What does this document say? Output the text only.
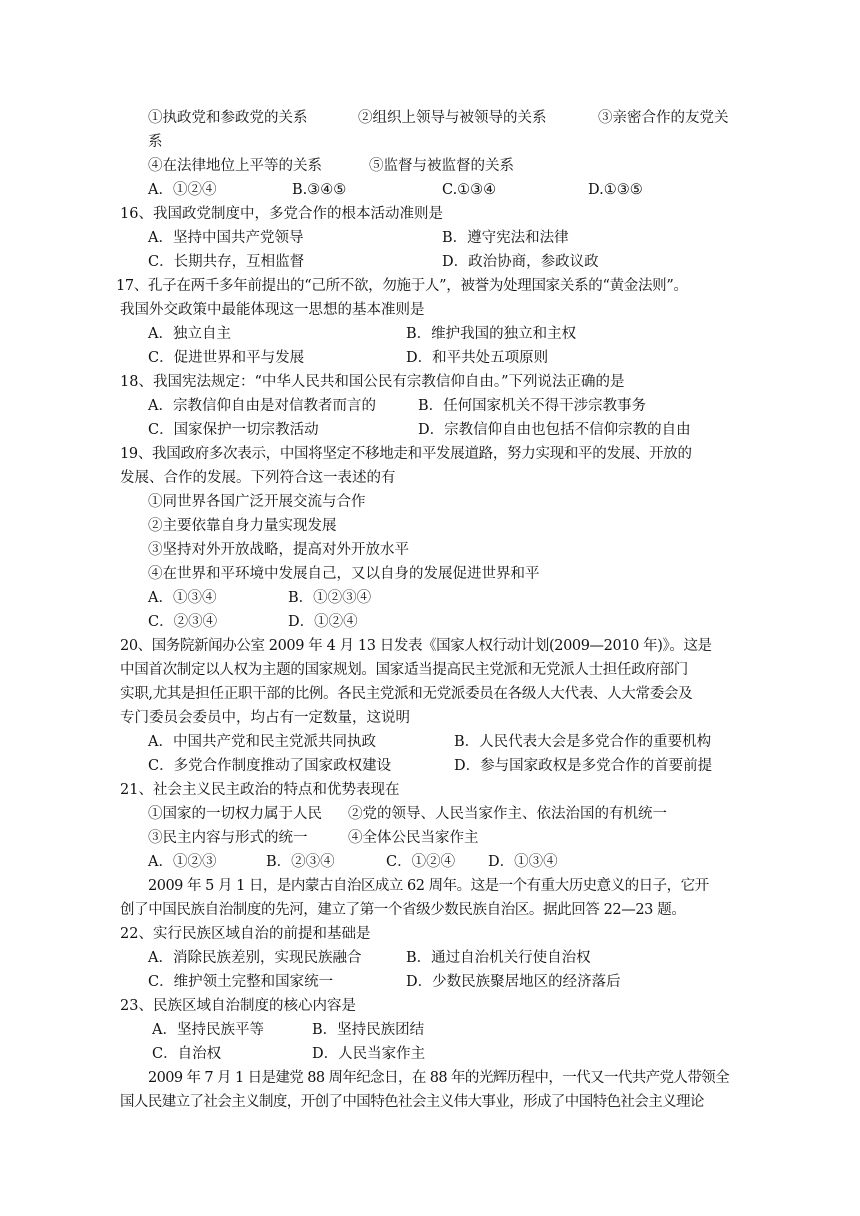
①执政党和参政党的关系	②组织上领导与被领导的关系	③亲密合作的友党关
系
④在法律地位上平等的关系	⑤监督与被监督的关系
A．①②④	B.③④⑤	C.①③④	D.①③⑤
16、我国政党制度中，多党合作的根本活动准则是
A．坚持中国共产党领导	B．遵守宪法和法律
C．长期共存，互相监督	D．政治协商，参政议政
17、孔子在两千多年前提出的“己所不欲，勿施于人”，被誉为处理国家关系的“黄金法则”。
我国外交政策中最能体现这一思想的基本准则是
A．独立自主	B．维护我国的独立和主权
C．促进世界和平与发展	D．和平共处五项原则
18、我国宪法规定：“中华人民共和国公民有宗教信仰自由。”下列说法正确的是
A．宗教信仰自由是对信教者而言的	B．任何国家机关不得干涉宗教事务
C．国家保护一切宗教活动	D．宗教信仰自由也包括不信仰宗教的自由
19、我国政府多次表示，中国将坚定不移地走和平发展道路，努力实现和平的发展、开放的
发展、合作的发展。下列符合这一表述的有
①同世界各国广泛开展交流与合作
②主要依靠自身力量实现发展
③坚持对外开放战略，提高对外开放水平
④在世界和平环境中发展自己，又以自身的发展促进世界和平
A．①③④	B．①②③④
C．②③④	D．①②④
20、国务院新闻办公室 2009 年 4 月 13 日发表《国家人权行动计划(2009—2010 年)》。这是
中国首次制定以人权为主题的国家规划。国家适当提高民主党派和无党派人士担任政府部门
实职,尤其是担任正职干部的比例。各民主党派和无党派委员在各级人大代表、人大常委会及
专门委员会委员中，均占有一定数量，这说明
A．中国共产党和民主党派共同执政	B．人民代表大会是多党合作的重要机构
C．多党合作制度推动了国家政权建设	D．参与国家政权是多党合作的首要前提
21、社会主义民主政治的特点和优势表现在
①国家的一切权力属于人民 ②党的领导、人民当家作主、依法治国的有机统一
③民主内容与形式的统一	④全体公民当家作主
A．①②③	B．②③④	C．①②④ D．①③④
2009 年 5 月 1 日，是内蒙古自治区成立 62 周年。这是一个有重大历史意义的日子，它开
创了中国民族自治制度的先河，建立了第一个省级少数民族自治区。据此回答 22—23 题。
22、实行民族区域自治的前提和基础是
A．消除民族差别，实现民族融合	B．通过自治机关行使自治权
C．维护领土完整和国家统一	D．少数民族聚居地区的经济落后
23、民族区域自治制度的核心内容是
A．坚持民族平等	B．坚持民族团结
C．自治权	D．人民当家作主
2009 年 7 月 1 日是建党 88 周年纪念日，在 88 年的光辉历程中，一代又一代共产党人带领全
国人民建立了社会主义制度，开创了中国特色社会主义伟大事业，形成了中国特色社会主义理论
